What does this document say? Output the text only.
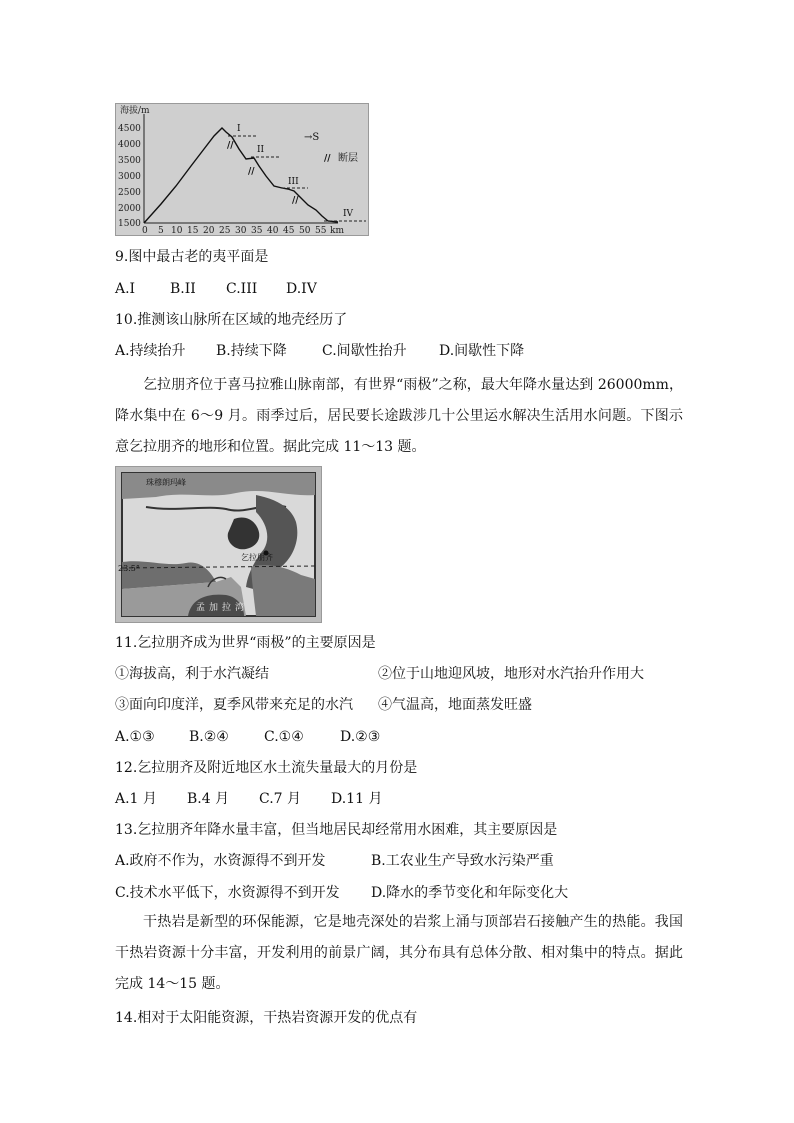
海拔/m
4500
4000
3500
3000
2500
2000
1500
0 5 10 15 20 25 30 35 40 45 50 55 km
I
II
III
IV
//
//
//
→S
// 断层
9.图中最古老的夷平面是
A.I B.II C.III D.IV
10.推测该山脉所在区域的地壳经历了
A.持续抬升 B.持续下降	C.间歇性抬升 D.间歇性下降
乞拉朋齐位于喜马拉雅山脉南部，有世界“雨极”之称，最大年降水量达到 26000mm，降水集中在 6～9 月。雨季过后，居民要长途跋涉几十公里运水解决生活用水问题。下图示意乞拉朋齐的地形和位置。据此完成 11～13 题。
珠穆朗玛峰
乞拉朋齐
23.5°
孟加拉湾
11.乞拉朋齐成为世界“雨极”的主要原因是
①海拔高，利于水汽凝结	②位于山地迎风坡，地形对水汽抬升作用大
③面向印度洋，夏季风带来充足的水汽 ④气温高，地面蒸发旺盛
A.①③ B.②④	C.①④	D.②③
12.乞拉朋齐及附近地区水土流失量最大的月份是
A.1 月 B.4 月 C.7 月 D.11 月
13.乞拉朋齐年降水量丰富，但当地居民却经常用水困难，其主要原因是
A.政府不作为，水资源得不到开发	B.工农业生产导致水污染严重
C.技术水平低下，水资源得不到开发 D.降水的季节变化和年际变化大
干热岩是新型的环保能源，它是地壳深处的岩浆上涌与顶部岩石接触产生的热能。我国干热岩资源十分丰富，开发利用的前景广阔，其分布具有总体分散、相对集中的特点。据此完成 14～15 题。
14.相对于太阳能资源，干热岩资源开发的优点有
